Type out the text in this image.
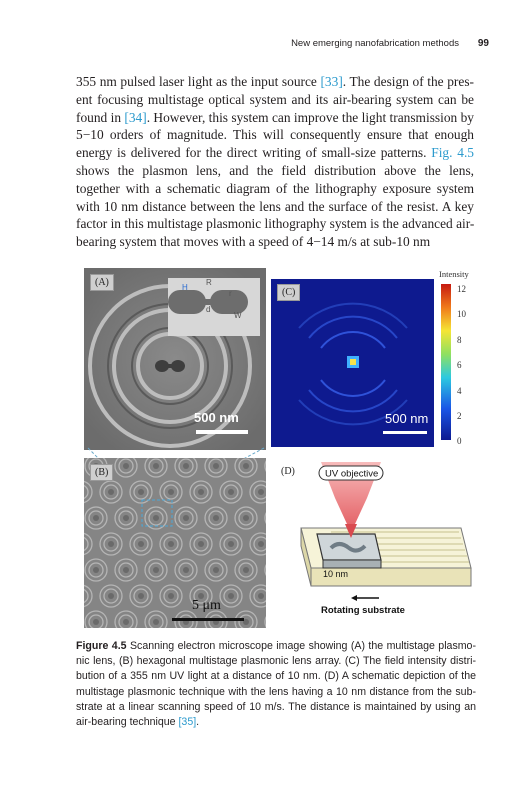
New emerging nanofabrication methods 99
355 nm pulsed laser light as the input source [33]. The design of the pres-
ent focusing multistage optical system and its air-bearing system can be
found in [34]. However, this system can improve the light transmission by
5−10 orders of magnitude. This will consequently ensure that enough
energy is delivered for the direct writing of small-size patterns. Fig. 4.5
shows the plasmon lens, and the field distribution above the lens,
together with a schematic diagram of the lithography exposure system
with 10 nm distance between the lens and the surface of the resist. A key
factor in this multistage plasmonic lithography system is the advanced air-
bearing system that moves with a speed of 4−14 m/s at sub-10 nm
H
R
r
d
W
(A)
500 nm
Intensity
12
10
8
6
4
2
0
(C)
500 nm
(B)
5 μm
UV objective
10 nm
Rotating substrate
(D)
Figure 4.5 Scanning electron microscope image showing (A) the multistage plasmo-
nic lens, (B) hexagonal multistage plasmonic lens array. (C) The field intensity distri-
bution of a 355 nm UV light at a distance of 10 nm. (D) A schematic depiction of the
multistage plasmonic technique with the lens having a 10 nm distance from the sub-
strate at a linear scanning speed of 10 m/s. The distance is maintained by using an
air-bearing technique [35].
